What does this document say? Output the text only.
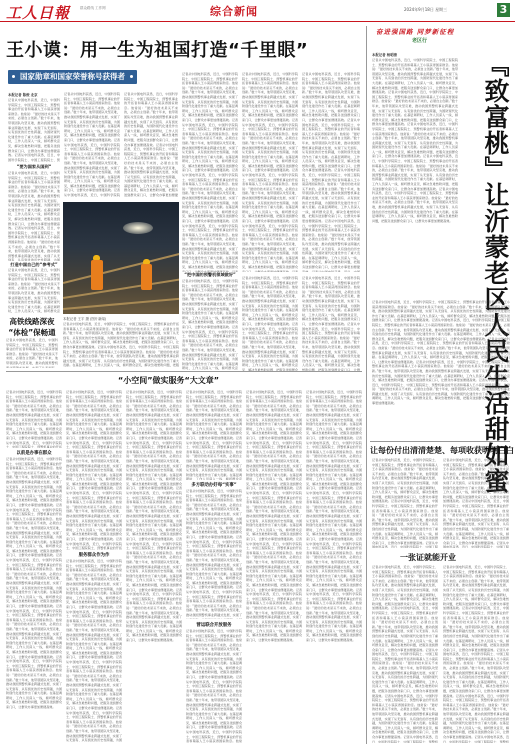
工人日報	群众路线 工作网	综合新闻	2024年9月18日 星期三	3
王小谟：用一生为祖国打造“千里眼”
国家勋章和国家荣誉称号获得者
本报记者 陈俊 北京
记者从中国电科获悉，近日，中国科学院院士、中国工程院院士、预警机事业的开拓者和奠基人王小谟获得国家勋章。他常说：“最好的技术是买不来的，必须自主创新。”数十年来，他带领团队攻坚克难，推动我国预警机事业跨越式发展，实现了从无到有、从有到优的历史性跨越，为国防现代化建设作出了重大贡献。在基层调研时，工作人员深入一线，倾听群众意见，解决急难愁盼问题，把服务送到群众家门口，让群众办事更加便捷高效。记者从中国电科获悉，近日，中国科学院院士、中国工程院院士、预警机事业的开拓者和奠基人王小谟获得国家勋章。他常说：“最好的技术是买不来的，必须自主创新。”数十年来，他带领团队攻坚克难，推动我国预警机事业跨越式发展，实现了从无到有、从有到优的历史性跨越，为国防现代化建设作出了重大贡献。在基层调研时，工作人员深入一线，倾听群众意见，解决急难愁盼问题，把服务送到群众家门口，让群众办事更加便捷高效。记者从中国电科获悉，近日，中国科学院院士、中国工程院院士、预警机事业的开拓者和奠基人王小谟获得国家勋章。他常说：“最好的技术是买不来的，必须自主创新。”数十年来，他带领团队攻坚克难，推动我国预警机事业跨越式发展，实现了从无到有、从有到优的历史性跨越，为国防现代化建设作出了重大贡献。在基层调研时，工作人员深入一线，倾听群众意见，解决急难愁盼问题，把服务送到群众家门口，让群众办事更加便捷高效。记者从中国电科获悉，近日，中国科学院院士、中国工程院院士、预警机事业的开拓者和奠基人王小谟获得国家勋章。他常说：“最好的技术是买不来的，必须自主创新。”数十年来，他带领团队攻坚克难，推动我国预警机事业跨越式发展，实现了从无到有、从有到优的历史性跨越，为国防现代化建设作出了重大贡献。在基层调研时，工作人员深入一线，倾听群众意见，解决急难愁盼问题，把服务送到群众家门口，让群众办事更加便捷高效。记者从中国电科获悉，近日，中国科学院院士、中国工程院院士、预警机事业的开拓者和奠基人王小谟获得国家勋章。他常说：“最好的技术是买不来的，必须自主创新。”数十年来，他带领团队攻坚克难，推动我国预警机事业跨越式发展，实现了从无到有、从有到优的历史性跨越，为国防现代化建设作出了重大贡献。在基层调研时，工作人员深入一线，倾听群众意见，解决急难愁盼问题，把服务送到群众家门口，让群众办事更加便捷高效。
“要为国家从国到“
记者从中国电科获悉，近日，中国科学院院士、中国工程院院士、预警机事业的开拓者和奠基人王小谟获得国家勋章。他常说：“最好的技术是买不来的，必须自主创新。”数十年来，他带领团队攻坚克难，推动我国预警机事业跨越式发展，实现了从无到有、从有到优的历史性跨越，为国防现代化建设作出了重大贡献。在基层调研时，工作人员深入一线，倾听群众意见，解决急难愁盼问题，把服务送到群众家门口，让群众办事更加便捷高效。记者从中国电科获悉，近日，中国科学院院士、中国工程院院士、预警机事业的开拓者和奠基人王小谟获得国家勋章。他常说：“最好的技术是买不来的，必须自主创新。”数十年来，他带领团队攻坚克难，推动我国预警机事业跨越式发展，实现了从无到有、从有到优的历史性跨越，为国防现代化建设作出了重大贡献。在基层调研时，工作人员深入一线，倾听群众意见，解决急难愁盼问题，把服务送到群众家门口，让群众办事更加便捷高效。记者从中国电科获悉，近日，中国科学院院士、中国工程院院士、预警机事业的开拓者和奠基人王小谟获得国家勋章。他常说：“最好的技术是买不来的，必须自主创新。”数十年来，他带领团队攻坚克难，推动我国预警机事业跨越式发展，实现了从无到有、从有到优的历史性跨越，为国防现代化建设作出了重大贡献。在基层调研时，工作人员深入一线，倾听群众意见，解决急难愁盼问题，把服务送到群众家门口，让群众办事更加便捷高效。记者从中国电科获悉，近日，中国科学院院士、中国工程院院士、预警机事业的开拓者和奠基人王小谟获得国家勋章。他常说：“最好的技术是买不来的，必须自主创新。”数十年来，他带领团队攻坚克难，推动我国预警机事业跨越式发展，实现了从无到有、从有到优的历史性跨越，为国防现代化建设作出了重大贡献。在基层调研时，工作人员深入一线，倾听群众意见，解决急难愁盼问题，把服务送到群众家门口，让群众办事更加便捷高效。记者从中国电科获悉，近日，中国科学院院士、中国工程院院士、预警机事业的开拓者和奠基人王小谟获得国家勋章。他常说：“最好的技术是买不来的，必须自主创新。”数十年来，他带领团队攻坚克难，推动我国预警机事业跨越式发展，实现了从无到有、从有到优的历史性跨越，为国防现代化建设作出了重大贡献。在基层调研时，工作人员深入一线，倾听群众意见，解决急难愁盼问题，把服务送到群众家门口，让群众办事更加便捷高效。
打造中国自己的“参考式”
记者从中国电科获悉，近日，中国科学院院士、中国工程院院士、预警机事业的开拓者和奠基人王小谟获得国家勋章。他常说：“最好的技术是买不来的，必须自主创新。”数十年来，他带领团队攻坚克难，推动我国预警机事业跨越式发展，实现了从无到有、从有到优的历史性跨越，为国防现代化建设作出了重大贡献。在基层调研时，工作人员深入一线，倾听群众意见，解决急难愁盼问题，把服务送到群众家门口，让群众办事更加便捷高效。记者从中国电科获悉，近日，中国科学院院士、中国工程院院士、预警机事业的开拓者和奠基人王小谟获得国家勋章。他常说：“最好的技术是买不来的，必须自主创新。”数十年来，他带领团队攻坚克难，推动我国预警机事业跨越式发展，实现了从无到有、从有到优的历史性跨越，为国防现代化建设作出了重大贡献。在基层调研时，工作人员深入一线，倾听群众意见，解决急难愁盼问题，把服务送到群众家门口，让群众办事更加便捷高效。记者从中国电科获悉，近日，中国科学院院士、中国工程院院士、预警机事业的开拓者和奠基人王小谟获得国家勋章。他常说：“最好的技术是买不来的，必须自主创新。”数十年来，他带领团队攻坚克难，推动我国预警机事业跨越式发展，实现了从无到有、从有到优的历史性跨越，为国防现代化建设作出了重大贡献。在基层调研时，工作人员深入一线，倾听群众意见，解决急难愁盼问题，把服务送到群众家门口，让群众办事更加便捷高效。记者从中国电科获悉，近日，中国科学院院士、中国工程院院士、预警机事业的开拓者和奠基人王小谟获得国家勋章。他常说：“最好的技术是买不来的，必须自主创新。”数十年来，他带领团队攻坚克难，推动我国预警机事业跨越式发展，实现了从无到有、从有到优的历史性跨越，为国防现代化建设作出了重大贡献。在基层调研时，工作人员深入一线，倾听群众意见，解决急难愁盼问题，把服务送到群众家门口，让群众办事更加便捷高效。记者从中国电科获悉，近日，中国科学院院士、中国工程院院士、预警机事业的开拓者和奠基人王小谟获得国家勋章。他常说：“最好的技术是买不来的，必须自主创新。”数十年来，他带领团队攻坚克难，推动我国预警机事业跨越式发展，实现了从无到有、从有到优的历史性跨越，为国防现代化建设作出了重大贡献。在基层调研时，工作人员深入一线，倾听群众意见，解决急难愁盼问题，把服务送到群众家门口，让群众办事更加便捷高效。
记者从中国电科获悉，近日，中国科学院院士、中国工程院院士、预警机事业的开拓者和奠基人王小谟获得国家勋章。他常说：“最好的技术是买不来的，必须自主创新。”数十年来，他带领团队攻坚克难，推动我国预警机事业跨越式发展，实现了从无到有、从有到优的历史性跨越，为国防现代化建设作出了重大贡献。在基层调研时，工作人员深入一线，倾听群众意见，解决急难愁盼问题，把服务送到群众家门口，让群众办事更加便捷高效。记者从中国电科获悉，近日，中国科学院院士、中国工程院院士、预警机事业的开拓者和奠基人王小谟获得国家勋章。他常说：“最好的技术是买不来的，必须自主创新。”数十年来，他带领团队攻坚克难，推动我国预警机事业跨越式发展，实现了从无到有、从有到优的历史性跨越，为国防现代化建设作出了重大贡献。在基层调研时，工作人员深入一线，倾听群众意见，解决急难愁盼问题，把服务送到群众家门口，让群众办事更加便捷高效。记者从中国电科获悉，近日，中国科学院院士、中国工程院院士、预警机事业的开拓者和奠基人王小谟获得国家勋章。他常说：“最好的技术是买不来的，必须自主创新。”数十年来，他带领团队攻坚克难，推动我国预警机事业跨越式发展，实现了从无到有、从有到优的历史性跨越，为国防现代化建设作出了重大贡献。在基层调研时，工作人员深入一线，倾听群众意见，解决急难愁盼问题，把服务送到群众家门口，让群众办事更加便捷高效。记者从中国电科获悉，近日，中国科学院院士、中国工程院院士、预警机事业的开拓者和奠基人王小谟获得国家勋章。他常说：“最好的技术是买不来的，必须自主创新。”数十年来，他带领团队攻坚克难，推动我国预警机事业跨越式发展，实现了从无到有、从有到优的历史性跨越，为国防现代化建设作出了重大贡献。在基层调研时，工作人员深入一线，倾听群众意见，解决急难愁盼问题，把服务送到群众家门口，让群众办事更加便捷高效。记者从中国电科获悉，近日，中国科学院院士、中国工程院院士、预警机事业的开拓者和奠基人王小谟获得国家勋章。他常说：“最好的技术是买不来的，必须自主创新。”数十年来，他带领团队攻坚克难，推动我国预警机事业跨越式发展，实现了从无到有、从有到优的历史性跨越，为国防现代化建设作出了重大贡献。在基层调研时，工作人员深入一线，倾听群众意见，解决急难愁盼问题，把服务送到群众家门口，让群众办事更加便捷高效。
记者从中国电科获悉，近日，中国科学院院士、中国工程院院士、预警机事业的开拓者和奠基人王小谟获得国家勋章。他常说：“最好的技术是买不来的，必须自主创新。”数十年来，他带领团队攻坚克难，推动我国预警机事业跨越式发展，实现了从无到有、从有到优的历史性跨越，为国防现代化建设作出了重大贡献。在基层调研时，工作人员深入一线，倾听群众意见，解决急难愁盼问题，把服务送到群众家门口，让群众办事更加便捷高效。记者从中国电科获悉，近日，中国科学院院士、中国工程院院士、预警机事业的开拓者和奠基人王小谟获得国家勋章。他常说：“最好的技术是买不来的，必须自主创新。”数十年来，他带领团队攻坚克难，推动我国预警机事业跨越式发展，实现了从无到有、从有到优的历史性跨越，为国防现代化建设作出了重大贡献。在基层调研时，工作人员深入一线，倾听群众意见，解决急难愁盼问题，把服务送到群众家门口，让群众办事更加便捷高效。记者从中国电科获悉，近日，中国科学院院士、中国工程院院士、预警机事业的开拓者和奠基人王小谟获得国家勋章。他常说：“最好的技术是买不来的，必须自主创新。”数十年来，他带领团队攻坚克难，推动我国预警机事业跨越式发展，实现了从无到有、从有到优的历史性跨越，为国防现代化建设作出了重大贡献。在基层调研时，工作人员深入一线，倾听群众意见，解决急难愁盼问题，把服务送到群众家门口，让群众办事更加便捷高效。记者从中国电科获悉，近日，中国科学院院士、中国工程院院士、预警机事业的开拓者和奠基人王小谟获得国家勋章。他常说：“最好的技术是买不来的，必须自主创新。”数十年来，他带领团队攻坚克难，推动我国预警机事业跨越式发展，实现了从无到有、从有到优的历史性跨越，为国防现代化建设作出了重大贡献。在基层调研时，工作人员深入一线，倾听群众意见，解决急难愁盼问题，把服务送到群众家门口，让群众办事更加便捷高效。记者从中国电科获悉，近日，中国科学院院士、中国工程院院士、预警机事业的开拓者和奠基人王小谟获得国家勋章。他常说：“最好的技术是买不来的，必须自主创新。”数十年来，他带领团队攻坚克难，推动我国预警机事业跨越式发展，实现了从无到有、从有到优的历史性跨越，为国防现代化建设作出了重大贡献。在基层调研时，工作人员深入一线，倾听群众意见，解决急难愁盼问题，把服务送到群众家门口，让群众办事更加便捷高效。
记者从中国电科获悉，近日，中国科学院院士、中国工程院院士、预警机事业的开拓者和奠基人王小谟获得国家勋章。他常说：“最好的技术是买不来的，必须自主创新。”数十年来，他带领团队攻坚克难，推动我国预警机事业跨越式发展，实现了从无到有、从有到优的历史性跨越，为国防现代化建设作出了重大贡献。在基层调研时，工作人员深入一线，倾听群众意见，解决急难愁盼问题，把服务送到群众家门口，让群众办事更加便捷高效。记者从中国电科获悉，近日，中国科学院院士、中国工程院院士、预警机事业的开拓者和奠基人王小谟获得国家勋章。他常说：“最好的技术是买不来的，必须自主创新。”数十年来，他带领团队攻坚克难，推动我国预警机事业跨越式发展，实现了从无到有、从有到优的历史性跨越，为国防现代化建设作出了重大贡献。在基层调研时，工作人员深入一线，倾听群众意见，解决急难愁盼问题，把服务送到群众家门口，让群众办事更加便捷高效。记者从中国电科获悉，近日，中国科学院院士、中国工程院院士、预警机事业的开拓者和奠基人王小谟获得国家勋章。他常说：“最好的技术是买不来的，必须自主创新。”数十年来，他带领团队攻坚克难，推动我国预警机事业跨越式发展，实现了从无到有、从有到优的历史性跨越，为国防现代化建设作出了重大贡献。在基层调研时，工作人员深入一线，倾听群众意见，解决急难愁盼问题，把服务送到群众家门口，让群众办事更加便捷高效。记者从中国电科获悉，近日，中国科学院院士、中国工程院院士、预警机事业的开拓者和奠基人王小谟获得国家勋章。他常说：“最好的技术是买不来的，必须自主创新。”数十年来，他带领团队攻坚克难，推动我国预警机事业跨越式发展，实现了从无到有、从有到优的历史性跨越，为国防现代化建设作出了重大贡献。在基层调研时，工作人员深入一线，倾听群众意见，解决急难愁盼问题，把服务送到群众家门口，让群众办事更加便捷高效。记者从中国电科获悉，近日，中国科学院院士、中国工程院院士、预警机事业的开拓者和奠基人王小谟获得国家勋章。他常说：“最好的技术是买不来的，必须自主创新。”数十年来，他带领团队攻坚克难，推动我国预警机事业跨越式发展，实现了从无到有、从有到优的历史性跨越，为国防现代化建设作出了重大贡献。在基层调研时，工作人员深入一线，倾听群众意见，解决急难愁盼问题，把服务送到群众家门口，让群众办事更加便捷高效。
记者从中国电科获悉，近日，中国科学院院士、中国工程院院士、预警机事业的开拓者和奠基人王小谟获得国家勋章。他常说：“最好的技术是买不来的，必须自主创新。”数十年来，他带领团队攻坚克难，推动我国预警机事业跨越式发展，实现了从无到有、从有到优的历史性跨越，为国防现代化建设作出了重大贡献。在基层调研时，工作人员深入一线，倾听群众意见，解决急难愁盼问题，把服务送到群众家门口，让群众办事更加便捷高效。记者从中国电科获悉，近日，中国科学院院士、中国工程院院士、预警机事业的开拓者和奠基人王小谟获得国家勋章。他常说：“最好的技术是买不来的，必须自主创新。”数十年来，他带领团队攻坚克难，推动我国预警机事业跨越式发展，实现了从无到有、从有到优的历史性跨越，为国防现代化建设作出了重大贡献。在基层调研时，工作人员深入一线，倾听群众意见，解决急难愁盼问题，把服务送到群众家门口，让群众办事更加便捷高效。记者从中国电科获悉，近日，中国科学院院士、中国工程院院士、预警机事业的开拓者和奠基人王小谟获得国家勋章。他常说：“最好的技术是买不来的，必须自主创新。”数十年来，他带领团队攻坚克难，推动我国预警机事业跨越式发展，实现了从无到有、从有到优的历史性跨越，为国防现代化建设作出了重大贡献。在基层调研时，工作人员深入一线，倾听群众意见，解决急难愁盼问题，把服务送到群众家门口，让群众办事更加便捷高效。记者从中国电科获悉，近日，中国科学院院士、中国工程院院士、预警机事业的开拓者和奠基人王小谟获得国家勋章。他常说：“最好的技术是买不来的，必须自主创新。”数十年来，他带领团队攻坚克难，推动我国预警机事业跨越式发展，实现了从无到有、从有到优的历史性跨越，为国防现代化建设作出了重大贡献。在基层调研时，工作人员深入一线，倾听群众意见，解决急难愁盼问题，把服务送到群众家门口，让群众办事更加便捷高效。记者从中国电科获悉，近日，中国科学院院士、中国工程院院士、预警机事业的开拓者和奠基人王小谟获得国家勋章。他常说：“最好的技术是买不来的，必须自主创新。”数十年来，他带领团队攻坚克难，推动我国预警机事业跨越式发展，实现了从无到有、从有到优的历史性跨越，为国防现代化建设作出了重大贡献。在基层调研时，工作人员深入一线，倾听群众意见，解决急难愁盼问题，把服务送到群众家门口，让群众办事更加便捷高效。
记者从中国电科获悉，近日，中国科学院院士、中国工程院院士、预警机事业的开拓者和奠基人王小谟获得国家勋章。他常说：“最好的技术是买不来的，必须自主创新。”数十年来，他带领团队攻坚克难，推动我国预警机事业跨越式发展，实现了从无到有、从有到优的历史性跨越，为国防现代化建设作出了重大贡献。在基层调研时，工作人员深入一线，倾听群众意见，解决急难愁盼问题，把服务送到群众家门口，让群众办事更加便捷高效。记者从中国电科获悉，近日，中国科学院院士、中国工程院院士、预警机事业的开拓者和奠基人王小谟获得国家勋章。他常说：“最好的技术是买不来的，必须自主创新。”数十年来，他带领团队攻坚克难，推动我国预警机事业跨越式发展，实现了从无到有、从有到优的历史性跨越，为国防现代化建设作出了重大贡献。在基层调研时，工作人员深入一线，倾听群众意见，解决急难愁盼问题，把服务送到群众家门口，让群众办事更加便捷高效。记者从中国电科获悉，近日，中国科学院院士、中国工程院院士、预警机事业的开拓者和奠基人王小谟获得国家勋章。他常说：“最好的技术是买不来的，必须自主创新。”数十年来，他带领团队攻坚克难，推动我国预警机事业跨越式发展，实现了从无到有、从有到优的历史性跨越，为国防现代化建设作出了重大贡献。在基层调研时，工作人员深入一线，倾听群众意见，解决急难愁盼问题，把服务送到群众家门口，让群众办事更加便捷高效。记者从中国电科获悉，近日，中国科学院院士、中国工程院院士、预警机事业的开拓者和奠基人王小谟获得国家勋章。他常说：“最好的技术是买不来的，必须自主创新。”数十年来，他带领团队攻坚克难，推动我国预警机事业跨越式发展，实现了从无到有、从有到优的历史性跨越，为国防现代化建设作出了重大贡献。在基层调研时，工作人员深入一线，倾听群众意见，解决急难愁盼问题，把服务送到群众家门口，让群众办事更加便捷高效。记者从中国电科获悉，近日，中国科学院院士、中国工程院院士、预警机事业的开拓者和奠基人王小谟获得国家勋章。他常说：“最好的技术是买不来的，必须自主创新。”数十年来，他带领团队攻坚克难，推动我国预警机事业跨越式发展，实现了从无到有、从有到优的历史性跨越，为国防现代化建设作出了重大贡献。在基层调研时，工作人员深入一线，倾听群众意见，解决急难愁盼问题，把服务送到群众家门口，让群众办事更加便捷高效。
“把中国的预警机领域做好”
记者从中国电科获悉，近日，中国科学院院士、中国工程院院士、预警机事业的开拓者和奠基人王小谟获得国家勋章。他常说：“最好的技术是买不来的，必须自主创新。”数十年来，他带领团队攻坚克难，推动我国预警机事业跨越式发展，实现了从无到有、从有到优的历史性跨越，为国防现代化建设作出了重大贡献。在基层调研时，工作人员深入一线，倾听群众意见，解决急难愁盼问题，把服务送到群众家门口，让群众办事更加便捷高效。记者从中国电科获悉，近日，中国科学院院士、中国工程院院士、预警机事业的开拓者和奠基人王小谟获得国家勋章。他常说：“最好的技术是买不来的，必须自主创新。”数十年来，他带领团队攻坚克难，推动我国预警机事业跨越式发展，实现了从无到有、从有到优的历史性跨越，为国防现代化建设作出了重大贡献。在基层调研时，工作人员深入一线，倾听群众意见，解决急难愁盼问题，把服务送到群众家门口，让群众办事更加便捷高效。记者从中国电科获悉，近日，中国科学院院士、中国工程院院士、预警机事业的开拓者和奠基人王小谟获得国家勋章。他常说：“最好的技术是买不来的，必须自主创新。”数十年来，他带领团队攻坚克难，推动我国预警机事业跨越式发展，实现了从无到有、从有到优的历史性跨越，为国防现代化建设作出了重大贡献。在基层调研时，工作人员深入一线，倾听群众意见，解决急难愁盼问题，把服务送到群众家门口，让群众办事更加便捷高效。记者从中国电科获悉，近日，中国科学院院士、中国工程院院士、预警机事业的开拓者和奠基人王小谟获得国家勋章。他常说：“最好的技术是买不来的，必须自主创新。”数十年来，他带领团队攻坚克难，推动我国预警机事业跨越式发展，实现了从无到有、从有到优的历史性跨越，为国防现代化建设作出了重大贡献。在基层调研时，工作人员深入一线，倾听群众意见，解决急难愁盼问题，把服务送到群众家门口，让群众办事更加便捷高效。记者从中国电科获悉，近日，中国科学院院士、中国工程院院士、预警机事业的开拓者和奠基人王小谟获得国家勋章。他常说：“最好的技术是买不来的，必须自主创新。”数十年来，他带领团队攻坚克难，推动我国预警机事业跨越式发展，实现了从无到有、从有到优的历史性跨越，为国防现代化建设作出了重大贡献。在基层调研时，工作人员深入一线，倾听群众意见，解决急难愁盼问题，把服务送到群众家门口，让群众办事更加便捷高效。
记者从中国电科获悉，近日，中国科学院院士、中国工程院院士、预警机事业的开拓者和奠基人王小谟获得国家勋章。他常说：“最好的技术是买不来的，必须自主创新。”数十年来，他带领团队攻坚克难，推动我国预警机事业跨越式发展，实现了从无到有、从有到优的历史性跨越，为国防现代化建设作出了重大贡献。在基层调研时，工作人员深入一线，倾听群众意见，解决急难愁盼问题，把服务送到群众家门口，让群众办事更加便捷高效。记者从中国电科获悉，近日，中国科学院院士、中国工程院院士、预警机事业的开拓者和奠基人王小谟获得国家勋章。他常说：“最好的技术是买不来的，必须自主创新。”数十年来，他带领团队攻坚克难，推动我国预警机事业跨越式发展，实现了从无到有、从有到优的历史性跨越，为国防现代化建设作出了重大贡献。在基层调研时，工作人员深入一线，倾听群众意见，解决急难愁盼问题，把服务送到群众家门口，让群众办事更加便捷高效。记者从中国电科获悉，近日，中国科学院院士、中国工程院院士、预警机事业的开拓者和奠基人王小谟获得国家勋章。他常说：“最好的技术是买不来的，必须自主创新。”数十年来，他带领团队攻坚克难，推动我国预警机事业跨越式发展，实现了从无到有、从有到优的历史性跨越，为国防现代化建设作出了重大贡献。在基层调研时，工作人员深入一线，倾听群众意见，解决急难愁盼问题，把服务送到群众家门口，让群众办事更加便捷高效。记者从中国电科获悉，近日，中国科学院院士、中国工程院院士、预警机事业的开拓者和奠基人王小谟获得国家勋章。他常说：“最好的技术是买不来的，必须自主创新。”数十年来，他带领团队攻坚克难，推动我国预警机事业跨越式发展，实现了从无到有、从有到优的历史性跨越，为国防现代化建设作出了重大贡献。在基层调研时，工作人员深入一线，倾听群众意见，解决急难愁盼问题，把服务送到群众家门口，让群众办事更加便捷高效。记者从中国电科获悉，近日，中国科学院院士、中国工程院院士、预警机事业的开拓者和奠基人王小谟获得国家勋章。他常说：“最好的技术是买不来的，必须自主创新。”数十年来，他带领团队攻坚克难，推动我国预警机事业跨越式发展，实现了从无到有、从有到优的历史性跨越，为国防现代化建设作出了重大贡献。在基层调研时，工作人员深入一线，倾听群众意见，解决急难愁盼问题，把服务送到群众家门口，让群众办事更加便捷高效。
记者从中国电科获悉，近日，中国科学院院士、中国工程院院士、预警机事业的开拓者和奠基人王小谟获得国家勋章。他常说：“最好的技术是买不来的，必须自主创新。”数十年来，他带领团队攻坚克难，推动我国预警机事业跨越式发展，实现了从无到有、从有到优的历史性跨越，为国防现代化建设作出了重大贡献。在基层调研时，工作人员深入一线，倾听群众意见，解决急难愁盼问题，把服务送到群众家门口，让群众办事更加便捷高效。记者从中国电科获悉，近日，中国科学院院士、中国工程院院士、预警机事业的开拓者和奠基人王小谟获得国家勋章。他常说：“最好的技术是买不来的，必须自主创新。”数十年来，他带领团队攻坚克难，推动我国预警机事业跨越式发展，实现了从无到有、从有到优的历史性跨越，为国防现代化建设作出了重大贡献。在基层调研时，工作人员深入一线，倾听群众意见，解决急难愁盼问题，把服务送到群众家门口，让群众办事更加便捷高效。记者从中国电科获悉，近日，中国科学院院士、中国工程院院士、预警机事业的开拓者和奠基人王小谟获得国家勋章。他常说：“最好的技术是买不来的，必须自主创新。”数十年来，他带领团队攻坚克难，推动我国预警机事业跨越式发展，实现了从无到有、从有到优的历史性跨越，为国防现代化建设作出了重大贡献。在基层调研时，工作人员深入一线，倾听群众意见，解决急难愁盼问题，把服务送到群众家门口，让群众办事更加便捷高效。记者从中国电科获悉，近日，中国科学院院士、中国工程院院士、预警机事业的开拓者和奠基人王小谟获得国家勋章。他常说：“最好的技术是买不来的，必须自主创新。”数十年来，他带领团队攻坚克难，推动我国预警机事业跨越式发展，实现了从无到有、从有到优的历史性跨越，为国防现代化建设作出了重大贡献。在基层调研时，工作人员深入一线，倾听群众意见，解决急难愁盼问题，把服务送到群众家门口，让群众办事更加便捷高效。记者从中国电科获悉，近日，中国科学院院士、中国工程院院士、预警机事业的开拓者和奠基人王小谟获得国家勋章。他常说：“最好的技术是买不来的，必须自主创新。”数十年来，他带领团队攻坚克难，推动我国预警机事业跨越式发展，实现了从无到有、从有到优的历史性跨越，为国防现代化建设作出了重大贡献。在基层调研时，工作人员深入一线，倾听群众意见，解决急难愁盼问题，把服务送到群众家门口，让群众办事更加便捷高效。
高铁线路深夜
“体检”保畅通
本报记者 王宇 摄 (图片新闻)
记者从中国电科获悉，近日，中国科学院院士、中国工程院院士、预警机事业的开拓者和奠基人王小谟获得国家勋章。他常说：“最好的技术是买不来的，必须自主创新。”数十年来，他带领团队攻坚克难，推动我国预警机事业跨越式发展，实现了从无到有、从有到优的历史性跨越，为国防现代化建设作出了重大贡献。在基层调研时，工作人员深入一线，倾听群众意见，解决急难愁盼问题，把服务送到群众家门口，让群众办事更加便捷高效。记者从中国电科获悉，近日，中国科学院院士、中国工程院院士、预警机事业的开拓者和奠基人王小谟获得国家勋章。他常说：“最好的技术是买不来的，必须自主创新。”数十年来，他带领团队攻坚克难，推动我国预警机事业跨越式发展，实现了从无到有、从有到优的历史性跨越，为国防现代化建设作出了重大贡献。在基层调研时，工作人员深入一线，倾听群众意见，解决急难愁盼问题，把服务送到群众家门口，让群众办事更加便捷高效。记者从中国电科获悉，近日，中国科学院院士、中国工程院院士、预警机事业的开拓者和奠基人王小谟获得国家勋章。他常说：“最好的技术是买不来的，必须自主创新。”数十年来，他带领团队攻坚克难，推动我国预警机事业跨越式发展，实现了从无到有、从有到优的历史性跨越，为国防现代化建设作出了重大贡献。在基层调研时，工作人员深入一线，倾听群众意见，解决急难愁盼问题，把服务送到群众家门口，让群众办事更加便捷高效。记者从中国电科获悉，近日，中国科学院院士、中国工程院院士、预警机事业的开拓者和奠基人王小谟获得国家勋章。他常说：“最好的技术是买不来的，必须自主创新。”数十年来，他带领团队攻坚克难，推动我国预警机事业跨越式发展，实现了从无到有、从有到优的历史性跨越，为国防现代化建设作出了重大贡献。在基层调研时，工作人员深入一线，倾听群众意见，解决急难愁盼问题，把服务送到群众家门口，让群众办事更加便捷高效。记者从中国电科获悉，近日，中国科学院院士、中国工程院院士、预警机事业的开拓者和奠基人王小谟获得国家勋章。他常说：“最好的技术是买不来的，必须自主创新。”数十年来，他带领团队攻坚克难，推动我国预警机事业跨越式发展，实现了从无到有、从有到优的历史性跨越，为国防现代化建设作出了重大贡献。在基层调研时，工作人员深入一线，倾听群众意见，解决急难愁盼问题，把服务送到群众家门口，让群众办事更加便捷高效。
记者从中国电科获悉，近日，中国科学院院士、中国工程院院士、预警机事业的开拓者和奠基人王小谟获得国家勋章。他常说：“最好的技术是买不来的，必须自主创新。”数十年来，他带领团队攻坚克难，推动我国预警机事业跨越式发展，实现了从无到有、从有到优的历史性跨越，为国防现代化建设作出了重大贡献。在基层调研时，工作人员深入一线，倾听群众意见，解决急难愁盼问题，把服务送到群众家门口，让群众办事更加便捷高效。记者从中国电科获悉，近日，中国科学院院士、中国工程院院士、预警机事业的开拓者和奠基人王小谟获得国家勋章。他常说：“最好的技术是买不来的，必须自主创新。”数十年来，他带领团队攻坚克难，推动我国预警机事业跨越式发展，实现了从无到有、从有到优的历史性跨越，为国防现代化建设作出了重大贡献。在基层调研时，工作人员深入一线，倾听群众意见，解决急难愁盼问题，把服务送到群众家门口，让群众办事更加便捷高效。记者从中国电科获悉，近日，中国科学院院士、中国工程院院士、预警机事业的开拓者和奠基人王小谟获得国家勋章。他常说：“最好的技术是买不来的，必须自主创新。”数十年来，他带领团队攻坚克难，推动我国预警机事业跨越式发展，实现了从无到有、从有到优的历史性跨越，为国防现代化建设作出了重大贡献。在基层调研时，工作人员深入一线，倾听群众意见，解决急难愁盼问题，把服务送到群众家门口，让群众办事更加便捷高效。记者从中国电科获悉，近日，中国科学院院士、中国工程院院士、预警机事业的开拓者和奠基人王小谟获得国家勋章。他常说：“最好的技术是买不来的，必须自主创新。”数十年来，他带领团队攻坚克难，推动我国预警机事业跨越式发展，实现了从无到有、从有到优的历史性跨越，为国防现代化建设作出了重大贡献。在基层调研时，工作人员深入一线，倾听群众意见，解决急难愁盼问题，把服务送到群众家门口，让群众办事更加便捷高效。记者从中国电科获悉，近日，中国科学院院士、中国工程院院士、预警机事业的开拓者和奠基人王小谟获得国家勋章。他常说：“最好的技术是买不来的，必须自主创新。”数十年来，他带领团队攻坚克难，推动我国预警机事业跨越式发展，实现了从无到有、从有到优的历史性跨越，为国防现代化建设作出了重大贡献。在基层调研时，工作人员深入一线，倾听群众意见，解决急难愁盼问题，把服务送到群众家门口，让群众办事更加便捷高效。
“小空间”做实服务“大文章”
记者从中国电科获悉，近日，中国科学院院士、中国工程院院士、预警机事业的开拓者和奠基人王小谟获得国家勋章。他常说：“最好的技术是买不来的，必须自主创新。”数十年来，他带领团队攻坚克难，推动我国预警机事业跨越式发展，实现了从无到有、从有到优的历史性跨越，为国防现代化建设作出了重大贡献。在基层调研时，工作人员深入一线，倾听群众意见，解决急难愁盼问题，把服务送到群众家门口，让群众办事更加便捷高效。记者从中国电科获悉，近日，中国科学院院士、中国工程院院士、预警机事业的开拓者和奠基人王小谟获得国家勋章。他常说：“最好的技术是买不来的，必须自主创新。”数十年来，他带领团队攻坚克难，推动我国预警机事业跨越式发展，实现了从无到有、从有到优的历史性跨越，为国防现代化建设作出了重大贡献。在基层调研时，工作人员深入一线，倾听群众意见，解决急难愁盼问题，把服务送到群众家门口，让群众办事更加便捷高效。记者从中国电科获悉，近日，中国科学院院士、中国工程院院士、预警机事业的开拓者和奠基人王小谟获得国家勋章。他常说：“最好的技术是买不来的，必须自主创新。”数十年来，他带领团队攻坚克难，推动我国预警机事业跨越式发展，实现了从无到有、从有到优的历史性跨越，为国防现代化建设作出了重大贡献。在基层调研时，工作人员深入一线，倾听群众意见，解决急难愁盼问题，把服务送到群众家门口，让群众办事更加便捷高效。记者从中国电科获悉，近日，中国科学院院士、中国工程院院士、预警机事业的开拓者和奠基人王小谟获得国家勋章。他常说：“最好的技术是买不来的，必须自主创新。”数十年来，他带领团队攻坚克难，推动我国预警机事业跨越式发展，实现了从无到有、从有到优的历史性跨越，为国防现代化建设作出了重大贡献。在基层调研时，工作人员深入一线，倾听群众意见，解决急难愁盼问题，把服务送到群众家门口，让群众办事更加便捷高效。记者从中国电科获悉，近日，中国科学院院士、中国工程院院士、预警机事业的开拓者和奠基人王小谟获得国家勋章。他常说：“最好的技术是买不来的，必须自主创新。”数十年来，他带领团队攻坚克难，推动我国预警机事业跨越式发展，实现了从无到有、从有到优的历史性跨越，为国防现代化建设作出了重大贡献。在基层调研时，工作人员深入一线，倾听群众意见，解决急难愁盼问题，把服务送到群众家门口，让群众办事更加便捷高效。
以前是办事在群众
记者从中国电科获悉，近日，中国科学院院士、中国工程院院士、预警机事业的开拓者和奠基人王小谟获得国家勋章。他常说：“最好的技术是买不来的，必须自主创新。”数十年来，他带领团队攻坚克难，推动我国预警机事业跨越式发展，实现了从无到有、从有到优的历史性跨越，为国防现代化建设作出了重大贡献。在基层调研时，工作人员深入一线，倾听群众意见，解决急难愁盼问题，把服务送到群众家门口，让群众办事更加便捷高效。记者从中国电科获悉，近日，中国科学院院士、中国工程院院士、预警机事业的开拓者和奠基人王小谟获得国家勋章。他常说：“最好的技术是买不来的，必须自主创新。”数十年来，他带领团队攻坚克难，推动我国预警机事业跨越式发展，实现了从无到有、从有到优的历史性跨越，为国防现代化建设作出了重大贡献。在基层调研时，工作人员深入一线，倾听群众意见，解决急难愁盼问题，把服务送到群众家门口，让群众办事更加便捷高效。记者从中国电科获悉，近日，中国科学院院士、中国工程院院士、预警机事业的开拓者和奠基人王小谟获得国家勋章。他常说：“最好的技术是买不来的，必须自主创新。”数十年来，他带领团队攻坚克难，推动我国预警机事业跨越式发展，实现了从无到有、从有到优的历史性跨越，为国防现代化建设作出了重大贡献。在基层调研时，工作人员深入一线，倾听群众意见，解决急难愁盼问题，把服务送到群众家门口，让群众办事更加便捷高效。记者从中国电科获悉，近日，中国科学院院士、中国工程院院士、预警机事业的开拓者和奠基人王小谟获得国家勋章。他常说：“最好的技术是买不来的，必须自主创新。”数十年来，他带领团队攻坚克难，推动我国预警机事业跨越式发展，实现了从无到有、从有到优的历史性跨越，为国防现代化建设作出了重大贡献。在基层调研时，工作人员深入一线，倾听群众意见，解决急难愁盼问题，把服务送到群众家门口，让群众办事更加便捷高效。记者从中国电科获悉，近日，中国科学院院士、中国工程院院士、预警机事业的开拓者和奠基人王小谟获得国家勋章。他常说：“最好的技术是买不来的，必须自主创新。”数十年来，他带领团队攻坚克难，推动我国预警机事业跨越式发展，实现了从无到有、从有到优的历史性跨越，为国防现代化建设作出了重大贡献。在基层调研时，工作人员深入一线，倾听群众意见，解决急难愁盼问题，把服务送到群众家门口，让群众办事更加便捷高效。
记者从中国电科获悉，近日，中国科学院院士、中国工程院院士、预警机事业的开拓者和奠基人王小谟获得国家勋章。他常说：“最好的技术是买不来的，必须自主创新。”数十年来，他带领团队攻坚克难，推动我国预警机事业跨越式发展，实现了从无到有、从有到优的历史性跨越，为国防现代化建设作出了重大贡献。在基层调研时，工作人员深入一线，倾听群众意见，解决急难愁盼问题，把服务送到群众家门口，让群众办事更加便捷高效。记者从中国电科获悉，近日，中国科学院院士、中国工程院院士、预警机事业的开拓者和奠基人王小谟获得国家勋章。他常说：“最好的技术是买不来的，必须自主创新。”数十年来，他带领团队攻坚克难，推动我国预警机事业跨越式发展，实现了从无到有、从有到优的历史性跨越，为国防现代化建设作出了重大贡献。在基层调研时，工作人员深入一线，倾听群众意见，解决急难愁盼问题，把服务送到群众家门口，让群众办事更加便捷高效。记者从中国电科获悉，近日，中国科学院院士、中国工程院院士、预警机事业的开拓者和奠基人王小谟获得国家勋章。他常说：“最好的技术是买不来的，必须自主创新。”数十年来，他带领团队攻坚克难，推动我国预警机事业跨越式发展，实现了从无到有、从有到优的历史性跨越，为国防现代化建设作出了重大贡献。在基层调研时，工作人员深入一线，倾听群众意见，解决急难愁盼问题，把服务送到群众家门口，让群众办事更加便捷高效。记者从中国电科获悉，近日，中国科学院院士、中国工程院院士、预警机事业的开拓者和奠基人王小谟获得国家勋章。他常说：“最好的技术是买不来的，必须自主创新。”数十年来，他带领团队攻坚克难，推动我国预警机事业跨越式发展，实现了从无到有、从有到优的历史性跨越，为国防现代化建设作出了重大贡献。在基层调研时，工作人员深入一线，倾听群众意见，解决急难愁盼问题，把服务送到群众家门口，让群众办事更加便捷高效。记者从中国电科获悉，近日，中国科学院院士、中国工程院院士、预警机事业的开拓者和奠基人王小谟获得国家勋章。他常说：“最好的技术是买不来的，必须自主创新。”数十年来，他带领团队攻坚克难，推动我国预警机事业跨越式发展，实现了从无到有、从有到优的历史性跨越，为国防现代化建设作出了重大贡献。在基层调研时，工作人员深入一线，倾听群众意见，解决急难愁盼问题，把服务送到群众家门口，让群众办事更加便捷高效。
服务群众作为作
记者从中国电科获悉，近日，中国科学院院士、中国工程院院士、预警机事业的开拓者和奠基人王小谟获得国家勋章。他常说：“最好的技术是买不来的，必须自主创新。”数十年来，他带领团队攻坚克难，推动我国预警机事业跨越式发展，实现了从无到有、从有到优的历史性跨越，为国防现代化建设作出了重大贡献。在基层调研时，工作人员深入一线，倾听群众意见，解决急难愁盼问题，把服务送到群众家门口，让群众办事更加便捷高效。记者从中国电科获悉，近日，中国科学院院士、中国工程院院士、预警机事业的开拓者和奠基人王小谟获得国家勋章。他常说：“最好的技术是买不来的，必须自主创新。”数十年来，他带领团队攻坚克难，推动我国预警机事业跨越式发展，实现了从无到有、从有到优的历史性跨越，为国防现代化建设作出了重大贡献。在基层调研时，工作人员深入一线，倾听群众意见，解决急难愁盼问题，把服务送到群众家门口，让群众办事更加便捷高效。记者从中国电科获悉，近日，中国科学院院士、中国工程院院士、预警机事业的开拓者和奠基人王小谟获得国家勋章。他常说：“最好的技术是买不来的，必须自主创新。”数十年来，他带领团队攻坚克难，推动我国预警机事业跨越式发展，实现了从无到有、从有到优的历史性跨越，为国防现代化建设作出了重大贡献。在基层调研时，工作人员深入一线，倾听群众意见，解决急难愁盼问题，把服务送到群众家门口，让群众办事更加便捷高效。记者从中国电科获悉，近日，中国科学院院士、中国工程院院士、预警机事业的开拓者和奠基人王小谟获得国家勋章。他常说：“最好的技术是买不来的，必须自主创新。”数十年来，他带领团队攻坚克难，推动我国预警机事业跨越式发展，实现了从无到有、从有到优的历史性跨越，为国防现代化建设作出了重大贡献。在基层调研时，工作人员深入一线，倾听群众意见，解决急难愁盼问题，把服务送到群众家门口，让群众办事更加便捷高效。记者从中国电科获悉，近日，中国科学院院士、中国工程院院士、预警机事业的开拓者和奠基人王小谟获得国家勋章。他常说：“最好的技术是买不来的，必须自主创新。”数十年来，他带领团队攻坚克难，推动我国预警机事业跨越式发展，实现了从无到有、从有到优的历史性跨越，为国防现代化建设作出了重大贡献。在基层调研时，工作人员深入一线，倾听群众意见，解决急难愁盼问题，把服务送到群众家门口，让群众办事更加便捷高效。
记者从中国电科获悉，近日，中国科学院院士、中国工程院院士、预警机事业的开拓者和奠基人王小谟获得国家勋章。他常说：“最好的技术是买不来的，必须自主创新。”数十年来，他带领团队攻坚克难，推动我国预警机事业跨越式发展，实现了从无到有、从有到优的历史性跨越，为国防现代化建设作出了重大贡献。在基层调研时，工作人员深入一线，倾听群众意见，解决急难愁盼问题，把服务送到群众家门口，让群众办事更加便捷高效。记者从中国电科获悉，近日，中国科学院院士、中国工程院院士、预警机事业的开拓者和奠基人王小谟获得国家勋章。他常说：“最好的技术是买不来的，必须自主创新。”数十年来，他带领团队攻坚克难，推动我国预警机事业跨越式发展，实现了从无到有、从有到优的历史性跨越，为国防现代化建设作出了重大贡献。在基层调研时，工作人员深入一线，倾听群众意见，解决急难愁盼问题，把服务送到群众家门口，让群众办事更加便捷高效。记者从中国电科获悉，近日，中国科学院院士、中国工程院院士、预警机事业的开拓者和奠基人王小谟获得国家勋章。他常说：“最好的技术是买不来的，必须自主创新。”数十年来，他带领团队攻坚克难，推动我国预警机事业跨越式发展，实现了从无到有、从有到优的历史性跨越，为国防现代化建设作出了重大贡献。在基层调研时，工作人员深入一线，倾听群众意见，解决急难愁盼问题，把服务送到群众家门口，让群众办事更加便捷高效。记者从中国电科获悉，近日，中国科学院院士、中国工程院院士、预警机事业的开拓者和奠基人王小谟获得国家勋章。他常说：“最好的技术是买不来的，必须自主创新。”数十年来，他带领团队攻坚克难，推动我国预警机事业跨越式发展，实现了从无到有、从有到优的历史性跨越，为国防现代化建设作出了重大贡献。在基层调研时，工作人员深入一线，倾听群众意见，解决急难愁盼问题，把服务送到群众家门口，让群众办事更加便捷高效。记者从中国电科获悉，近日，中国科学院院士、中国工程院院士、预警机事业的开拓者和奠基人王小谟获得国家勋章。他常说：“最好的技术是买不来的，必须自主创新。”数十年来，他带领团队攻坚克难，推动我国预警机事业跨越式发展，实现了从无到有、从有到优的历史性跨越，为国防现代化建设作出了重大贡献。在基层调研时，工作人员深入一线，倾听群众意见，解决急难愁盼问题，把服务送到群众家门口，让群众办事更加便捷高效。
记者从中国电科获悉，近日，中国科学院院士、中国工程院院士、预警机事业的开拓者和奠基人王小谟获得国家勋章。他常说：“最好的技术是买不来的，必须自主创新。”数十年来，他带领团队攻坚克难，推动我国预警机事业跨越式发展，实现了从无到有、从有到优的历史性跨越，为国防现代化建设作出了重大贡献。在基层调研时，工作人员深入一线，倾听群众意见，解决急难愁盼问题，把服务送到群众家门口，让群众办事更加便捷高效。记者从中国电科获悉，近日，中国科学院院士、中国工程院院士、预警机事业的开拓者和奠基人王小谟获得国家勋章。他常说：“最好的技术是买不来的，必须自主创新。”数十年来，他带领团队攻坚克难，推动我国预警机事业跨越式发展，实现了从无到有、从有到优的历史性跨越，为国防现代化建设作出了重大贡献。在基层调研时，工作人员深入一线，倾听群众意见，解决急难愁盼问题，把服务送到群众家门口，让群众办事更加便捷高效。记者从中国电科获悉，近日，中国科学院院士、中国工程院院士、预警机事业的开拓者和奠基人王小谟获得国家勋章。他常说：“最好的技术是买不来的，必须自主创新。”数十年来，他带领团队攻坚克难，推动我国预警机事业跨越式发展，实现了从无到有、从有到优的历史性跨越，为国防现代化建设作出了重大贡献。在基层调研时，工作人员深入一线，倾听群众意见，解决急难愁盼问题，把服务送到群众家门口，让群众办事更加便捷高效。记者从中国电科获悉，近日，中国科学院院士、中国工程院院士、预警机事业的开拓者和奠基人王小谟获得国家勋章。他常说：“最好的技术是买不来的，必须自主创新。”数十年来，他带领团队攻坚克难，推动我国预警机事业跨越式发展，实现了从无到有、从有到优的历史性跨越，为国防现代化建设作出了重大贡献。在基层调研时，工作人员深入一线，倾听群众意见，解决急难愁盼问题，把服务送到群众家门口，让群众办事更加便捷高效。记者从中国电科获悉，近日，中国科学院院士、中国工程院院士、预警机事业的开拓者和奠基人王小谟获得国家勋章。他常说：“最好的技术是买不来的，必须自主创新。”数十年来，他带领团队攻坚克难，推动我国预警机事业跨越式发展，实现了从无到有、从有到优的历史性跨越，为国防现代化建设作出了重大贡献。在基层调研时，工作人员深入一线，倾听群众意见，解决急难愁盼问题，把服务送到群众家门口，让群众办事更加便捷高效。
多方联动办好每“实事”
记者从中国电科获悉，近日，中国科学院院士、中国工程院院士、预警机事业的开拓者和奠基人王小谟获得国家勋章。他常说：“最好的技术是买不来的，必须自主创新。”数十年来，他带领团队攻坚克难，推动我国预警机事业跨越式发展，实现了从无到有、从有到优的历史性跨越，为国防现代化建设作出了重大贡献。在基层调研时，工作人员深入一线，倾听群众意见，解决急难愁盼问题，把服务送到群众家门口，让群众办事更加便捷高效。记者从中国电科获悉，近日，中国科学院院士、中国工程院院士、预警机事业的开拓者和奠基人王小谟获得国家勋章。他常说：“最好的技术是买不来的，必须自主创新。”数十年来，他带领团队攻坚克难，推动我国预警机事业跨越式发展，实现了从无到有、从有到优的历史性跨越，为国防现代化建设作出了重大贡献。在基层调研时，工作人员深入一线，倾听群众意见，解决急难愁盼问题，把服务送到群众家门口，让群众办事更加便捷高效。记者从中国电科获悉，近日，中国科学院院士、中国工程院院士、预警机事业的开拓者和奠基人王小谟获得国家勋章。他常说：“最好的技术是买不来的，必须自主创新。”数十年来，他带领团队攻坚克难，推动我国预警机事业跨越式发展，实现了从无到有、从有到优的历史性跨越，为国防现代化建设作出了重大贡献。在基层调研时，工作人员深入一线，倾听群众意见，解决急难愁盼问题，把服务送到群众家门口，让群众办事更加便捷高效。记者从中国电科获悉，近日，中国科学院院士、中国工程院院士、预警机事业的开拓者和奠基人王小谟获得国家勋章。他常说：“最好的技术是买不来的，必须自主创新。”数十年来，他带领团队攻坚克难，推动我国预警机事业跨越式发展，实现了从无到有、从有到优的历史性跨越，为国防现代化建设作出了重大贡献。在基层调研时，工作人员深入一线，倾听群众意见，解决急难愁盼问题，把服务送到群众家门口，让群众办事更加便捷高效。记者从中国电科获悉，近日，中国科学院院士、中国工程院院士、预警机事业的开拓者和奠基人王小谟获得国家勋章。他常说：“最好的技术是买不来的，必须自主创新。”数十年来，他带领团队攻坚克难，推动我国预警机事业跨越式发展，实现了从无到有、从有到优的历史性跨越，为国防现代化建设作出了重大贡献。在基层调研时，工作人员深入一线，倾听群众意见，解决急难愁盼问题，把服务送到群众家门口，让群众办事更加便捷高效。
营运联合开放服务
记者从中国电科获悉，近日，中国科学院院士、中国工程院院士、预警机事业的开拓者和奠基人王小谟获得国家勋章。他常说：“最好的技术是买不来的，必须自主创新。”数十年来，他带领团队攻坚克难，推动我国预警机事业跨越式发展，实现了从无到有、从有到优的历史性跨越，为国防现代化建设作出了重大贡献。在基层调研时，工作人员深入一线，倾听群众意见，解决急难愁盼问题，把服务送到群众家门口，让群众办事更加便捷高效。记者从中国电科获悉，近日，中国科学院院士、中国工程院院士、预警机事业的开拓者和奠基人王小谟获得国家勋章。他常说：“最好的技术是买不来的，必须自主创新。”数十年来，他带领团队攻坚克难，推动我国预警机事业跨越式发展，实现了从无到有、从有到优的历史性跨越，为国防现代化建设作出了重大贡献。在基层调研时，工作人员深入一线，倾听群众意见，解决急难愁盼问题，把服务送到群众家门口，让群众办事更加便捷高效。记者从中国电科获悉，近日，中国科学院院士、中国工程院院士、预警机事业的开拓者和奠基人王小谟获得国家勋章。他常说：“最好的技术是买不来的，必须自主创新。”数十年来，他带领团队攻坚克难，推动我国预警机事业跨越式发展，实现了从无到有、从有到优的历史性跨越，为国防现代化建设作出了重大贡献。在基层调研时，工作人员深入一线，倾听群众意见，解决急难愁盼问题，把服务送到群众家门口，让群众办事更加便捷高效。记者从中国电科获悉，近日，中国科学院院士、中国工程院院士、预警机事业的开拓者和奠基人王小谟获得国家勋章。他常说：“最好的技术是买不来的，必须自主创新。”数十年来，他带领团队攻坚克难，推动我国预警机事业跨越式发展，实现了从无到有、从有到优的历史性跨越，为国防现代化建设作出了重大贡献。在基层调研时，工作人员深入一线，倾听群众意见，解决急难愁盼问题，把服务送到群众家门口，让群众办事更加便捷高效。记者从中国电科获悉，近日，中国科学院院士、中国工程院院士、预警机事业的开拓者和奠基人王小谟获得国家勋章。他常说：“最好的技术是买不来的，必须自主创新。”数十年来，他带领团队攻坚克难，推动我国预警机事业跨越式发展，实现了从无到有、从有到优的历史性跨越，为国防现代化建设作出了重大贡献。在基层调研时，工作人员深入一线，倾听群众意见，解决急难愁盼问题，把服务送到群众家门口，让群众办事更加便捷高效。
记者从中国电科获悉，近日，中国科学院院士、中国工程院院士、预警机事业的开拓者和奠基人王小谟获得国家勋章。他常说：“最好的技术是买不来的，必须自主创新。”数十年来，他带领团队攻坚克难，推动我国预警机事业跨越式发展，实现了从无到有、从有到优的历史性跨越，为国防现代化建设作出了重大贡献。在基层调研时，工作人员深入一线，倾听群众意见，解决急难愁盼问题，把服务送到群众家门口，让群众办事更加便捷高效。记者从中国电科获悉，近日，中国科学院院士、中国工程院院士、预警机事业的开拓者和奠基人王小谟获得国家勋章。他常说：“最好的技术是买不来的，必须自主创新。”数十年来，他带领团队攻坚克难，推动我国预警机事业跨越式发展，实现了从无到有、从有到优的历史性跨越，为国防现代化建设作出了重大贡献。在基层调研时，工作人员深入一线，倾听群众意见，解决急难愁盼问题，把服务送到群众家门口，让群众办事更加便捷高效。记者从中国电科获悉，近日，中国科学院院士、中国工程院院士、预警机事业的开拓者和奠基人王小谟获得国家勋章。他常说：“最好的技术是买不来的，必须自主创新。”数十年来，他带领团队攻坚克难，推动我国预警机事业跨越式发展，实现了从无到有、从有到优的历史性跨越，为国防现代化建设作出了重大贡献。在基层调研时，工作人员深入一线，倾听群众意见，解决急难愁盼问题，把服务送到群众家门口，让群众办事更加便捷高效。记者从中国电科获悉，近日，中国科学院院士、中国工程院院士、预警机事业的开拓者和奠基人王小谟获得国家勋章。他常说：“最好的技术是买不来的，必须自主创新。”数十年来，他带领团队攻坚克难，推动我国预警机事业跨越式发展，实现了从无到有、从有到优的历史性跨越，为国防现代化建设作出了重大贡献。在基层调研时，工作人员深入一线，倾听群众意见，解决急难愁盼问题，把服务送到群众家门口，让群众办事更加便捷高效。记者从中国电科获悉，近日，中国科学院院士、中国工程院院士、预警机事业的开拓者和奠基人王小谟获得国家勋章。他常说：“最好的技术是买不来的，必须自主创新。”数十年来，他带领团队攻坚克难，推动我国预警机事业跨越式发展，实现了从无到有、从有到优的历史性跨越，为国防现代化建设作出了重大贡献。在基层调研时，工作人员深入一线，倾听群众意见，解决急难愁盼问题，把服务送到群众家门口，让群众办事更加便捷高效。
记者从中国电科获悉，近日，中国科学院院士、中国工程院院士、预警机事业的开拓者和奠基人王小谟获得国家勋章。他常说：“最好的技术是买不来的，必须自主创新。”数十年来，他带领团队攻坚克难，推动我国预警机事业跨越式发展，实现了从无到有、从有到优的历史性跨越，为国防现代化建设作出了重大贡献。在基层调研时，工作人员深入一线，倾听群众意见，解决急难愁盼问题，把服务送到群众家门口，让群众办事更加便捷高效。记者从中国电科获悉，近日，中国科学院院士、中国工程院院士、预警机事业的开拓者和奠基人王小谟获得国家勋章。他常说：“最好的技术是买不来的，必须自主创新。”数十年来，他带领团队攻坚克难，推动我国预警机事业跨越式发展，实现了从无到有、从有到优的历史性跨越，为国防现代化建设作出了重大贡献。在基层调研时，工作人员深入一线，倾听群众意见，解决急难愁盼问题，把服务送到群众家门口，让群众办事更加便捷高效。记者从中国电科获悉，近日，中国科学院院士、中国工程院院士、预警机事业的开拓者和奠基人王小谟获得国家勋章。他常说：“最好的技术是买不来的，必须自主创新。”数十年来，他带领团队攻坚克难，推动我国预警机事业跨越式发展，实现了从无到有、从有到优的历史性跨越，为国防现代化建设作出了重大贡献。在基层调研时，工作人员深入一线，倾听群众意见，解决急难愁盼问题，把服务送到群众家门口，让群众办事更加便捷高效。记者从中国电科获悉，近日，中国科学院院士、中国工程院院士、预警机事业的开拓者和奠基人王小谟获得国家勋章。他常说：“最好的技术是买不来的，必须自主创新。”数十年来，他带领团队攻坚克难，推动我国预警机事业跨越式发展，实现了从无到有、从有到优的历史性跨越，为国防现代化建设作出了重大贡献。在基层调研时，工作人员深入一线，倾听群众意见，解决急难愁盼问题，把服务送到群众家门口，让群众办事更加便捷高效。记者从中国电科获悉，近日，中国科学院院士、中国工程院院士、预警机事业的开拓者和奠基人王小谟获得国家勋章。他常说：“最好的技术是买不来的，必须自主创新。”数十年来，他带领团队攻坚克难，推动我国预警机事业跨越式发展，实现了从无到有、从有到优的历史性跨越，为国防现代化建设作出了重大贡献。在基层调研时，工作人员深入一线，倾听群众意见，解决急难愁盼问题，把服务送到群众家门口，让群众办事更加便捷高效。
奋进强国路 同梦新征程
老区行
本报记者 杨明清
记者从中国电科获悉，近日，中国科学院院士、中国工程院院士、预警机事业的开拓者和奠基人王小谟获得国家勋章。他常说：“最好的技术是买不来的，必须自主创新。”数十年来，他带领团队攻坚克难，推动我国预警机事业跨越式发展，实现了从无到有、从有到优的历史性跨越，为国防现代化建设作出了重大贡献。在基层调研时，工作人员深入一线，倾听群众意见，解决急难愁盼问题，把服务送到群众家门口，让群众办事更加便捷高效。记者从中国电科获悉，近日，中国科学院院士、中国工程院院士、预警机事业的开拓者和奠基人王小谟获得国家勋章。他常说：“最好的技术是买不来的，必须自主创新。”数十年来，他带领团队攻坚克难，推动我国预警机事业跨越式发展，实现了从无到有、从有到优的历史性跨越，为国防现代化建设作出了重大贡献。在基层调研时，工作人员深入一线，倾听群众意见，解决急难愁盼问题，把服务送到群众家门口，让群众办事更加便捷高效。记者从中国电科获悉，近日，中国科学院院士、中国工程院院士、预警机事业的开拓者和奠基人王小谟获得国家勋章。他常说：“最好的技术是买不来的，必须自主创新。”数十年来，他带领团队攻坚克难，推动我国预警机事业跨越式发展，实现了从无到有、从有到优的历史性跨越，为国防现代化建设作出了重大贡献。在基层调研时，工作人员深入一线，倾听群众意见，解决急难愁盼问题，把服务送到群众家门口，让群众办事更加便捷高效。记者从中国电科获悉，近日，中国科学院院士、中国工程院院士、预警机事业的开拓者和奠基人王小谟获得国家勋章。他常说：“最好的技术是买不来的，必须自主创新。”数十年来，他带领团队攻坚克难，推动我国预警机事业跨越式发展，实现了从无到有、从有到优的历史性跨越，为国防现代化建设作出了重大贡献。在基层调研时，工作人员深入一线，倾听群众意见，解决急难愁盼问题，把服务送到群众家门口，让群众办事更加便捷高效。记者从中国电科获悉，近日，中国科学院院士、中国工程院院士、预警机事业的开拓者和奠基人王小谟获得国家勋章。他常说：“最好的技术是买不来的，必须自主创新。”数十年来，他带领团队攻坚克难，推动我国预警机事业跨越式发展，实现了从无到有、从有到优的历史性跨越，为国防现代化建设作出了重大贡献。在基层调研时，工作人员深入一线，倾听群众意见，解决急难愁盼问题，把服务送到群众家门口，让群众办事更加便捷高效。	『致富桃』让沂蒙老区人民生活甜如蜜
记者从中国电科获悉，近日，中国科学院院士、中国工程院院士、预警机事业的开拓者和奠基人王小谟获得国家勋章。他常说：“最好的技术是买不来的，必须自主创新。”数十年来，他带领团队攻坚克难，推动我国预警机事业跨越式发展，实现了从无到有、从有到优的历史性跨越，为国防现代化建设作出了重大贡献。在基层调研时，工作人员深入一线，倾听群众意见，解决急难愁盼问题，把服务送到群众家门口，让群众办事更加便捷高效。记者从中国电科获悉，近日，中国科学院院士、中国工程院院士、预警机事业的开拓者和奠基人王小谟获得国家勋章。他常说：“最好的技术是买不来的，必须自主创新。”数十年来，他带领团队攻坚克难，推动我国预警机事业跨越式发展，实现了从无到有、从有到优的历史性跨越，为国防现代化建设作出了重大贡献。在基层调研时，工作人员深入一线，倾听群众意见，解决急难愁盼问题，把服务送到群众家门口，让群众办事更加便捷高效。记者从中国电科获悉，近日，中国科学院院士、中国工程院院士、预警机事业的开拓者和奠基人王小谟获得国家勋章。他常说：“最好的技术是买不来的，必须自主创新。”数十年来，他带领团队攻坚克难，推动我国预警机事业跨越式发展，实现了从无到有、从有到优的历史性跨越，为国防现代化建设作出了重大贡献。在基层调研时，工作人员深入一线，倾听群众意见，解决急难愁盼问题，把服务送到群众家门口，让群众办事更加便捷高效。记者从中国电科获悉，近日，中国科学院院士、中国工程院院士、预警机事业的开拓者和奠基人王小谟获得国家勋章。他常说：“最好的技术是买不来的，必须自主创新。”数十年来，他带领团队攻坚克难，推动我国预警机事业跨越式发展，实现了从无到有、从有到优的历史性跨越，为国防现代化建设作出了重大贡献。在基层调研时，工作人员深入一线，倾听群众意见，解决急难愁盼问题，把服务送到群众家门口，让群众办事更加便捷高效。记者从中国电科获悉，近日，中国科学院院士、中国工程院院士、预警机事业的开拓者和奠基人王小谟获得国家勋章。他常说：“最好的技术是买不来的，必须自主创新。”数十年来，他带领团队攻坚克难，推动我国预警机事业跨越式发展，实现了从无到有、从有到优的历史性跨越，为国防现代化建设作出了重大贡献。在基层调研时，工作人员深入一线，倾听群众意见，解决急难愁盼问题，把服务送到群众家门口，让群众办事更加便捷高效。
让每份付出清清楚楚、每项收获明明白白
记者从中国电科获悉，近日，中国科学院院士、中国工程院院士、预警机事业的开拓者和奠基人王小谟获得国家勋章。他常说：“最好的技术是买不来的，必须自主创新。”数十年来，他带领团队攻坚克难，推动我国预警机事业跨越式发展，实现了从无到有、从有到优的历史性跨越，为国防现代化建设作出了重大贡献。在基层调研时，工作人员深入一线，倾听群众意见，解决急难愁盼问题，把服务送到群众家门口，让群众办事更加便捷高效。记者从中国电科获悉，近日，中国科学院院士、中国工程院院士、预警机事业的开拓者和奠基人王小谟获得国家勋章。他常说：“最好的技术是买不来的，必须自主创新。”数十年来，他带领团队攻坚克难，推动我国预警机事业跨越式发展，实现了从无到有、从有到优的历史性跨越，为国防现代化建设作出了重大贡献。在基层调研时，工作人员深入一线，倾听群众意见，解决急难愁盼问题，把服务送到群众家门口，让群众办事更加便捷高效。记者从中国电科获悉，近日，中国科学院院士、中国工程院院士、预警机事业的开拓者和奠基人王小谟获得国家勋章。他常说：“最好的技术是买不来的，必须自主创新。”数十年来，他带领团队攻坚克难，推动我国预警机事业跨越式发展，实现了从无到有、从有到优的历史性跨越，为国防现代化建设作出了重大贡献。在基层调研时，工作人员深入一线，倾听群众意见，解决急难愁盼问题，把服务送到群众家门口，让群众办事更加便捷高效。记者从中国电科获悉，近日，中国科学院院士、中国工程院院士、预警机事业的开拓者和奠基人王小谟获得国家勋章。他常说：“最好的技术是买不来的，必须自主创新。”数十年来，他带领团队攻坚克难，推动我国预警机事业跨越式发展，实现了从无到有、从有到优的历史性跨越，为国防现代化建设作出了重大贡献。在基层调研时，工作人员深入一线，倾听群众意见，解决急难愁盼问题，把服务送到群众家门口，让群众办事更加便捷高效。记者从中国电科获悉，近日，中国科学院院士、中国工程院院士、预警机事业的开拓者和奠基人王小谟获得国家勋章。他常说：“最好的技术是买不来的，必须自主创新。”数十年来，他带领团队攻坚克难，推动我国预警机事业跨越式发展，实现了从无到有、从有到优的历史性跨越，为国防现代化建设作出了重大贡献。在基层调研时，工作人员深入一线，倾听群众意见，解决急难愁盼问题，把服务送到群众家门口，让群众办事更加便捷高效。
记者从中国电科获悉，近日，中国科学院院士、中国工程院院士、预警机事业的开拓者和奠基人王小谟获得国家勋章。他常说：“最好的技术是买不来的，必须自主创新。”数十年来，他带领团队攻坚克难，推动我国预警机事业跨越式发展，实现了从无到有、从有到优的历史性跨越，为国防现代化建设作出了重大贡献。在基层调研时，工作人员深入一线，倾听群众意见，解决急难愁盼问题，把服务送到群众家门口，让群众办事更加便捷高效。记者从中国电科获悉，近日，中国科学院院士、中国工程院院士、预警机事业的开拓者和奠基人王小谟获得国家勋章。他常说：“最好的技术是买不来的，必须自主创新。”数十年来，他带领团队攻坚克难，推动我国预警机事业跨越式发展，实现了从无到有、从有到优的历史性跨越，为国防现代化建设作出了重大贡献。在基层调研时，工作人员深入一线，倾听群众意见，解决急难愁盼问题，把服务送到群众家门口，让群众办事更加便捷高效。记者从中国电科获悉，近日，中国科学院院士、中国工程院院士、预警机事业的开拓者和奠基人王小谟获得国家勋章。他常说：“最好的技术是买不来的，必须自主创新。”数十年来，他带领团队攻坚克难，推动我国预警机事业跨越式发展，实现了从无到有、从有到优的历史性跨越，为国防现代化建设作出了重大贡献。在基层调研时，工作人员深入一线，倾听群众意见，解决急难愁盼问题，把服务送到群众家门口，让群众办事更加便捷高效。记者从中国电科获悉，近日，中国科学院院士、中国工程院院士、预警机事业的开拓者和奠基人王小谟获得国家勋章。他常说：“最好的技术是买不来的，必须自主创新。”数十年来，他带领团队攻坚克难，推动我国预警机事业跨越式发展，实现了从无到有、从有到优的历史性跨越，为国防现代化建设作出了重大贡献。在基层调研时，工作人员深入一线，倾听群众意见，解决急难愁盼问题，把服务送到群众家门口，让群众办事更加便捷高效。记者从中国电科获悉，近日，中国科学院院士、中国工程院院士、预警机事业的开拓者和奠基人王小谟获得国家勋章。他常说：“最好的技术是买不来的，必须自主创新。”数十年来，他带领团队攻坚克难，推动我国预警机事业跨越式发展，实现了从无到有、从有到优的历史性跨越，为国防现代化建设作出了重大贡献。在基层调研时，工作人员深入一线，倾听群众意见，解决急难愁盼问题，把服务送到群众家门口，让群众办事更加便捷高效。
一张证就能开业
记者从中国电科获悉，近日，中国科学院院士、中国工程院院士、预警机事业的开拓者和奠基人王小谟获得国家勋章。他常说：“最好的技术是买不来的，必须自主创新。”数十年来，他带领团队攻坚克难，推动我国预警机事业跨越式发展，实现了从无到有、从有到优的历史性跨越，为国防现代化建设作出了重大贡献。在基层调研时，工作人员深入一线，倾听群众意见，解决急难愁盼问题，把服务送到群众家门口，让群众办事更加便捷高效。记者从中国电科获悉，近日，中国科学院院士、中国工程院院士、预警机事业的开拓者和奠基人王小谟获得国家勋章。他常说：“最好的技术是买不来的，必须自主创新。”数十年来，他带领团队攻坚克难，推动我国预警机事业跨越式发展，实现了从无到有、从有到优的历史性跨越，为国防现代化建设作出了重大贡献。在基层调研时，工作人员深入一线，倾听群众意见，解决急难愁盼问题，把服务送到群众家门口，让群众办事更加便捷高效。记者从中国电科获悉，近日，中国科学院院士、中国工程院院士、预警机事业的开拓者和奠基人王小谟获得国家勋章。他常说：“最好的技术是买不来的，必须自主创新。”数十年来，他带领团队攻坚克难，推动我国预警机事业跨越式发展，实现了从无到有、从有到优的历史性跨越，为国防现代化建设作出了重大贡献。在基层调研时，工作人员深入一线，倾听群众意见，解决急难愁盼问题，把服务送到群众家门口，让群众办事更加便捷高效。记者从中国电科获悉，近日，中国科学院院士、中国工程院院士、预警机事业的开拓者和奠基人王小谟获得国家勋章。他常说：“最好的技术是买不来的，必须自主创新。”数十年来，他带领团队攻坚克难，推动我国预警机事业跨越式发展，实现了从无到有、从有到优的历史性跨越，为国防现代化建设作出了重大贡献。在基层调研时，工作人员深入一线，倾听群众意见，解决急难愁盼问题，把服务送到群众家门口，让群众办事更加便捷高效。记者从中国电科获悉，近日，中国科学院院士、中国工程院院士、预警机事业的开拓者和奠基人王小谟获得国家勋章。他常说：“最好的技术是买不来的，必须自主创新。”数十年来，他带领团队攻坚克难，推动我国预警机事业跨越式发展，实现了从无到有、从有到优的历史性跨越，为国防现代化建设作出了重大贡献。在基层调研时，工作人员深入一线，倾听群众意见，解决急难愁盼问题，把服务送到群众家门口，让群众办事更加便捷高效。
记者从中国电科获悉，近日，中国科学院院士、中国工程院院士、预警机事业的开拓者和奠基人王小谟获得国家勋章。他常说：“最好的技术是买不来的，必须自主创新。”数十年来，他带领团队攻坚克难，推动我国预警机事业跨越式发展，实现了从无到有、从有到优的历史性跨越，为国防现代化建设作出了重大贡献。在基层调研时，工作人员深入一线，倾听群众意见，解决急难愁盼问题，把服务送到群众家门口，让群众办事更加便捷高效。记者从中国电科获悉，近日，中国科学院院士、中国工程院院士、预警机事业的开拓者和奠基人王小谟获得国家勋章。他常说：“最好的技术是买不来的，必须自主创新。”数十年来，他带领团队攻坚克难，推动我国预警机事业跨越式发展，实现了从无到有、从有到优的历史性跨越，为国防现代化建设作出了重大贡献。在基层调研时，工作人员深入一线，倾听群众意见，解决急难愁盼问题，把服务送到群众家门口，让群众办事更加便捷高效。记者从中国电科获悉，近日，中国科学院院士、中国工程院院士、预警机事业的开拓者和奠基人王小谟获得国家勋章。他常说：“最好的技术是买不来的，必须自主创新。”数十年来，他带领团队攻坚克难，推动我国预警机事业跨越式发展，实现了从无到有、从有到优的历史性跨越，为国防现代化建设作出了重大贡献。在基层调研时，工作人员深入一线，倾听群众意见，解决急难愁盼问题，把服务送到群众家门口，让群众办事更加便捷高效。记者从中国电科获悉，近日，中国科学院院士、中国工程院院士、预警机事业的开拓者和奠基人王小谟获得国家勋章。他常说：“最好的技术是买不来的，必须自主创新。”数十年来，他带领团队攻坚克难，推动我国预警机事业跨越式发展，实现了从无到有、从有到优的历史性跨越，为国防现代化建设作出了重大贡献。在基层调研时，工作人员深入一线，倾听群众意见，解决急难愁盼问题，把服务送到群众家门口，让群众办事更加便捷高效。记者从中国电科获悉，近日，中国科学院院士、中国工程院院士、预警机事业的开拓者和奠基人王小谟获得国家勋章。他常说：“最好的技术是买不来的，必须自主创新。”数十年来，他带领团队攻坚克难，推动我国预警机事业跨越式发展，实现了从无到有、从有到优的历史性跨越，为国防现代化建设作出了重大贡献。在基层调研时，工作人员深入一线，倾听群众意见，解决急难愁盼问题，把服务送到群众家门口，让群众办事更加便捷高效。
